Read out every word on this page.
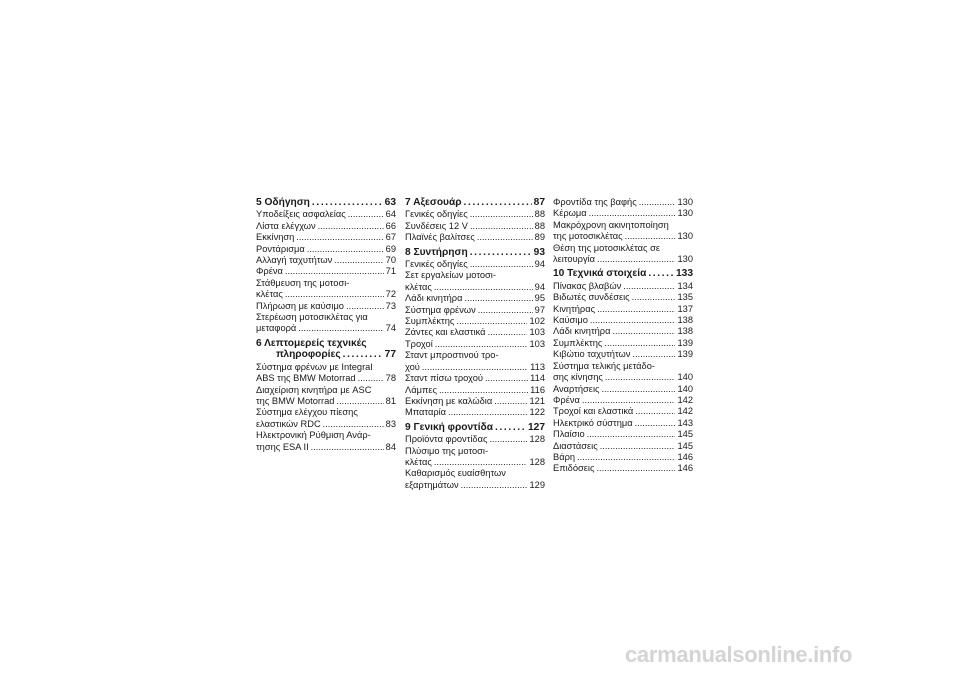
5 Οδήγηση . . .	63
Υποδείξεις ασφαλείας . . .	64
Λίστα ελέγχων . . .	66
Εκκίνηση . . .	67
Ροντάρισμα . . .	69
Αλλαγή ταχυτήτων . . .	70
Φρένα . . .	71
Στάθμευση της μοτοσι-
κλέτας . . .	72
Πλήρωση με καύσιμο . . .	73
Στερέωση μοτοσικλέτας για
μεταφορά . . .	74
6 Λεπτομερείς τεχνικές
πληροφορίες . . .	77
Σύστημα φρένων με Integral
ABS της BMW Motorrad . . .	78
Διαχείριση κινητήρα με ASC
της BMW Motorrad . . .	81
Σύστημα ελέγχου πίεσης
ελαστικών RDC . . .	83
Ηλεκτρονική Ρύθμιση Ανάρ-
τησης ESA II . . .	84
7 Αξεσουάρ . . .	87
Γενικές οδηγίες . . .	88
Συνδέσεις 12 V . . .	88
Πλαϊνές βαλίτσες . . .	89
8 Συντήρηση . . .	93
Γενικές οδηγίες . . .	94
Σετ εργαλείων μοτοσι-
κλέτας . . .	94
Λάδι κινητήρα . . .	95
Σύστημα φρένων . . .	97
Συμπλέκτης . . .	102
Ζάντες και ελαστικά . . .	103
Τροχοί . . .	103
Σταντ μπροστινού τρο-
χού . . .	113
Σταντ πίσω τροχού . . .	114
Λάμπες . . .	116
Εκκίνηση με καλώδια . . .	121
Μπαταρία . . .	122
9 Γενική φροντίδα . . .	127
Προϊόντα φροντίδας . . .	128
Πλύσιμο της μοτοσι-
κλέτας . . .	128
Καθαρισμός ευαίσθητων
εξαρτημάτων . . .	129
Φροντίδα της βαφής . . .	130
Κέρωμα . . .	130
Μακρόχρονη ακινητοποίηση
της μοτοσικλέτας . . .	130
Θέση της μοτοσικλέτας σε
λειτουργία . . .	130
10 Τεχνικά στοιχεία . . .	133
Πίνακας βλαβών . . .	134
Βιδωτές συνδέσεις . . .	135
Κινητήρας . . .	137
Καύσιμο . . .	138
Λάδι κινητήρα . . .	138
Συμπλέκτης . . .	139
Κιβώτιο ταχυτήτων . . .	139
Σύστημα τελικής μετάδο-
σης κίνησης . . .	140
Αναρτήσεις . . .	140
Φρένα . . .	142
Τροχοί και ελαστικά . . .	142
Ηλεκτρικό σύστημα . . .	143
Πλαίσιο . . .	145
Διαστάσεις . . .	145
Βάρη . . .	146
Επιδόσεις . . .	146
carmanualsonline.info
